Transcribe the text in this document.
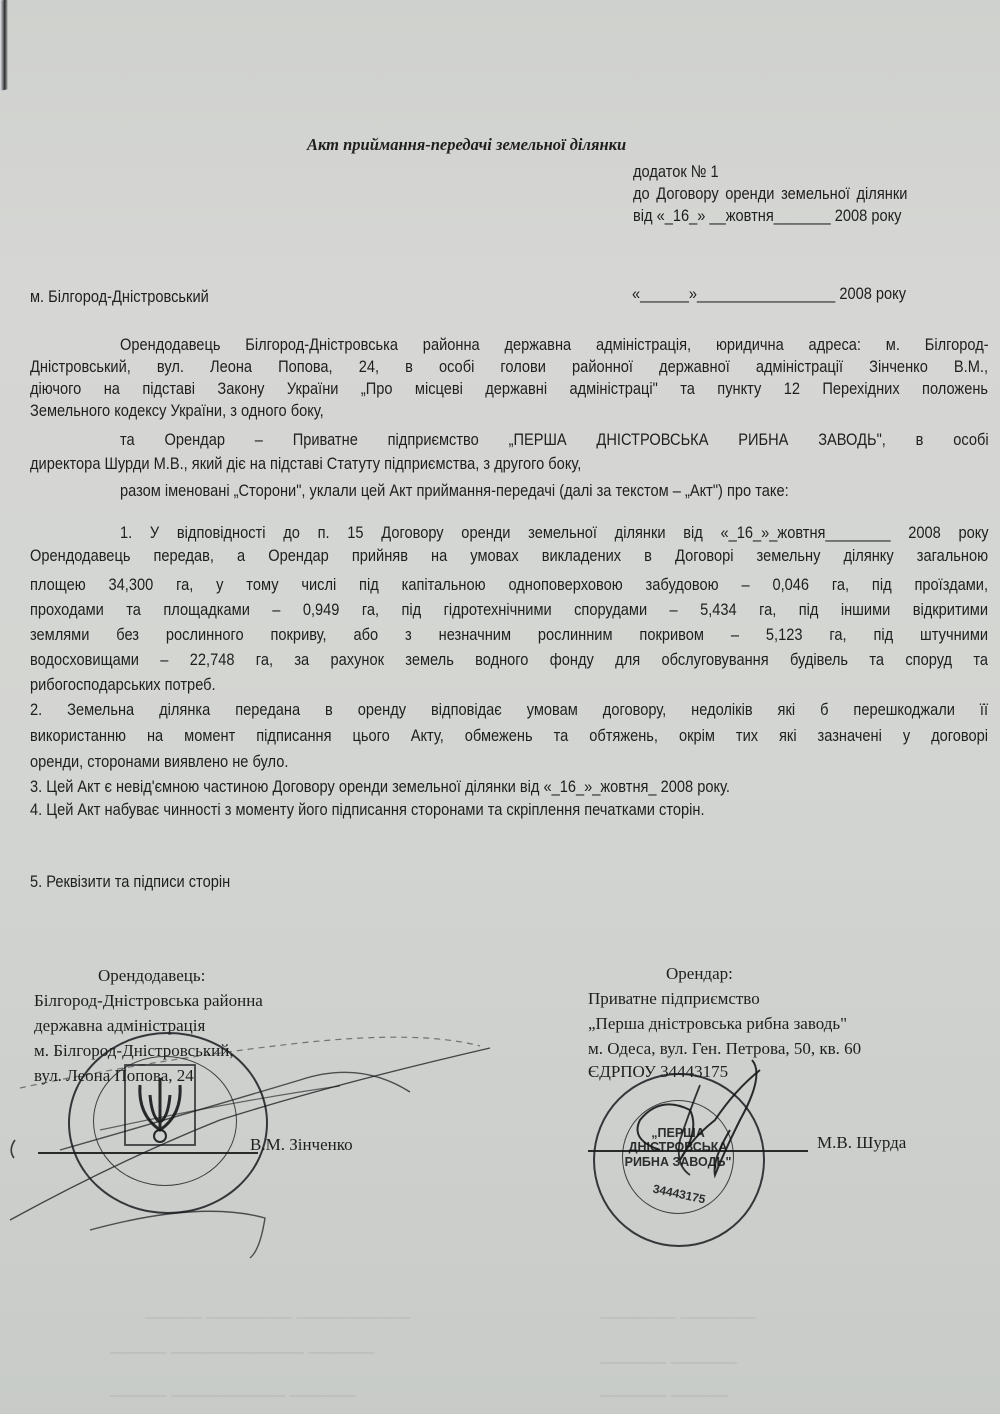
____________ _________ ______	________ ________
_______ ______________ ______
_______ _______
_______ ____________ ______	______ _______
Акт приймання-передачі земельної ділянки
додаток № 1
до Договору оренди земельної ділянки
від «_16_» __жовтня_______ 2008 року
м. Білгород-Дністровський	«______»_________________ 2008 року
Орендодавець Білгород-Дністровська районна державна адміністрація, юридична адреса: м. Білгород-
Дністровський, вул. Леона Попова, 24, в особі голови районної державної адміністрації Зінченко В.М.,
діючого на підставі Закону України „Про місцеві державні адміністраці" та пункту 12 Перехідних положень
Земельного кодексу України, з одного боку,
та Орендар – Приватне підприємство „ПЕРША ДНІСТРОВСЬКА РИБНА ЗАВОДЬ", в особі
директора Шурди М.В., який діє на підставі Статуту підприємства, з другого боку,
разом іменовані „Сторони", уклали цей Акт приймання-передачі (далі за текстом – „Акт") про таке:
1. У відповідності до п. 15 Договору оренди земельної ділянки від «_16_»_жовтня________ 2008 року
Орендодавець передав, а Орендар прийняв на умовах викладених в Договорі земельну ділянку загальною
площею 34,300 га, у тому числі під капітальною одноповерховою забудовою – 0,046 га, під проїздами,
проходами та площадками – 0,949 га, під гідротехнічними спорудами – 5,434 га, під іншими відкритими
землями без рослинного покриву, або з незначним рослинним покривом – 5,123 га, під штучними
водосховищами – 22,748 га, за рахунок земель водного фонду для обслуговування будівель та споруд та
рибогосподарських потреб.
2. Земельна ділянка передана в оренду відповідає умовам договору, недоліків які б перешкоджали її
використанню на момент підписання цього Акту, обмежень та обтяжень, окрім тих які зазначені у договорі
оренди, сторонами виявлено не було.
3. Цей Акт є невід'ємною частиною Договору оренди земельної ділянки від «_16_»_жовтня_ 2008 року.
4. Цей Акт набуває чинності з моменту його підписання сторонами та скріплення печатками сторін.
5. Реквізити та підписи сторін
Орендодавець:
Білгород-Дністровська районна
державна адміністрація
м. Білгород-Дністровський,
вул. Леона Попова, 24
В.М. Зінченко
Орендар:
Приватне підприємство
„Перша дністровська рибна заводь"
м. Одеса, вул. Ген. Петрова, 50, кв. 60
ЄДРПОУ 34443175
М.В. Шурда
„ПЕРША
ДНІСТРОВСЬКА
РИБНА ЗАВОДЬ"
34443175
